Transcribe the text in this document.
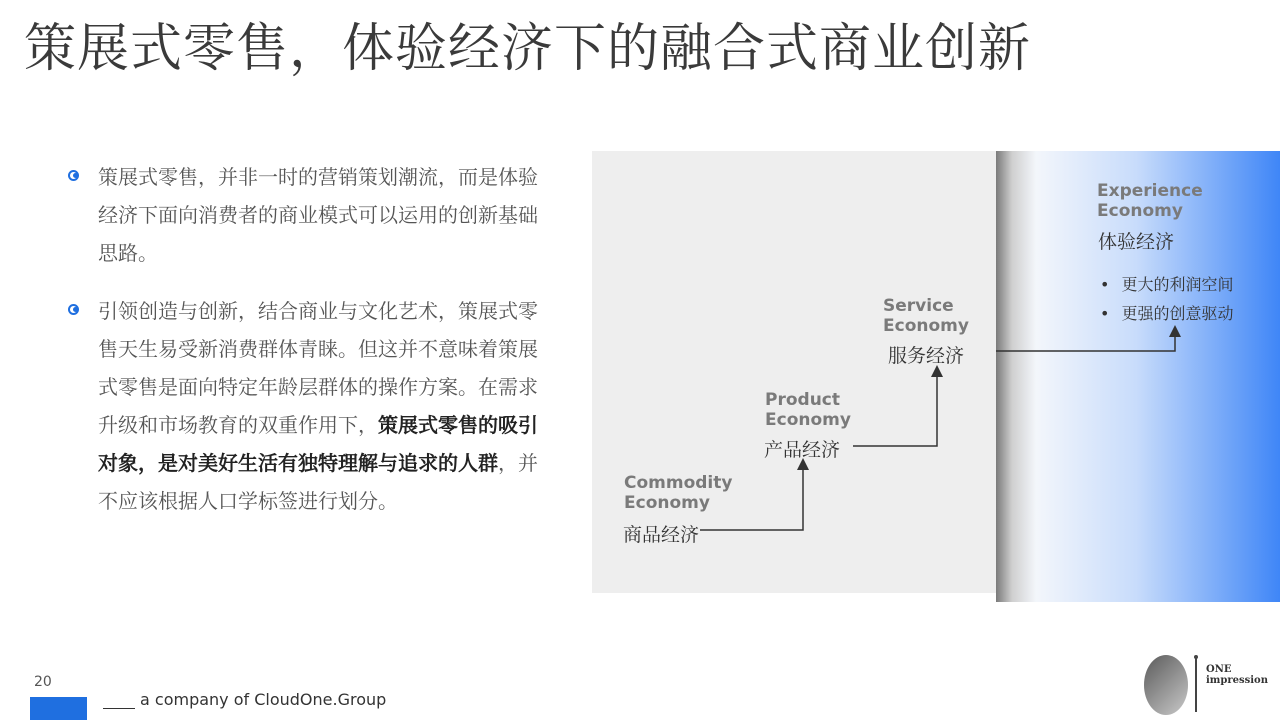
策展式零售，体验经济下的融合式商业创新

策展式零售，并非一时的营销策划潮流，而是体验经济下面向消费者的商业模式可以运用的创新基础思路。

引领创造与创新，结合商业与文化艺术，策展式零售天生易受新消费群体青睐。但这并不意味着策展式零售是面向特定年龄层群体的操作方案。在需求升级和市场教育的双重作用下，策展式零售的吸引对象，是对美好生活有独特理解与追求的人群，并不应该根据人口学标签进行划分。

Commodity
Economy
商品经济
Product
Economy
产品经济
Service
Economy
服务经济
Experience
Economy
体验经济
• 更大的利润空间
• 更强的创意驱动
20
a company of CloudOne.Group
ONE
impression
